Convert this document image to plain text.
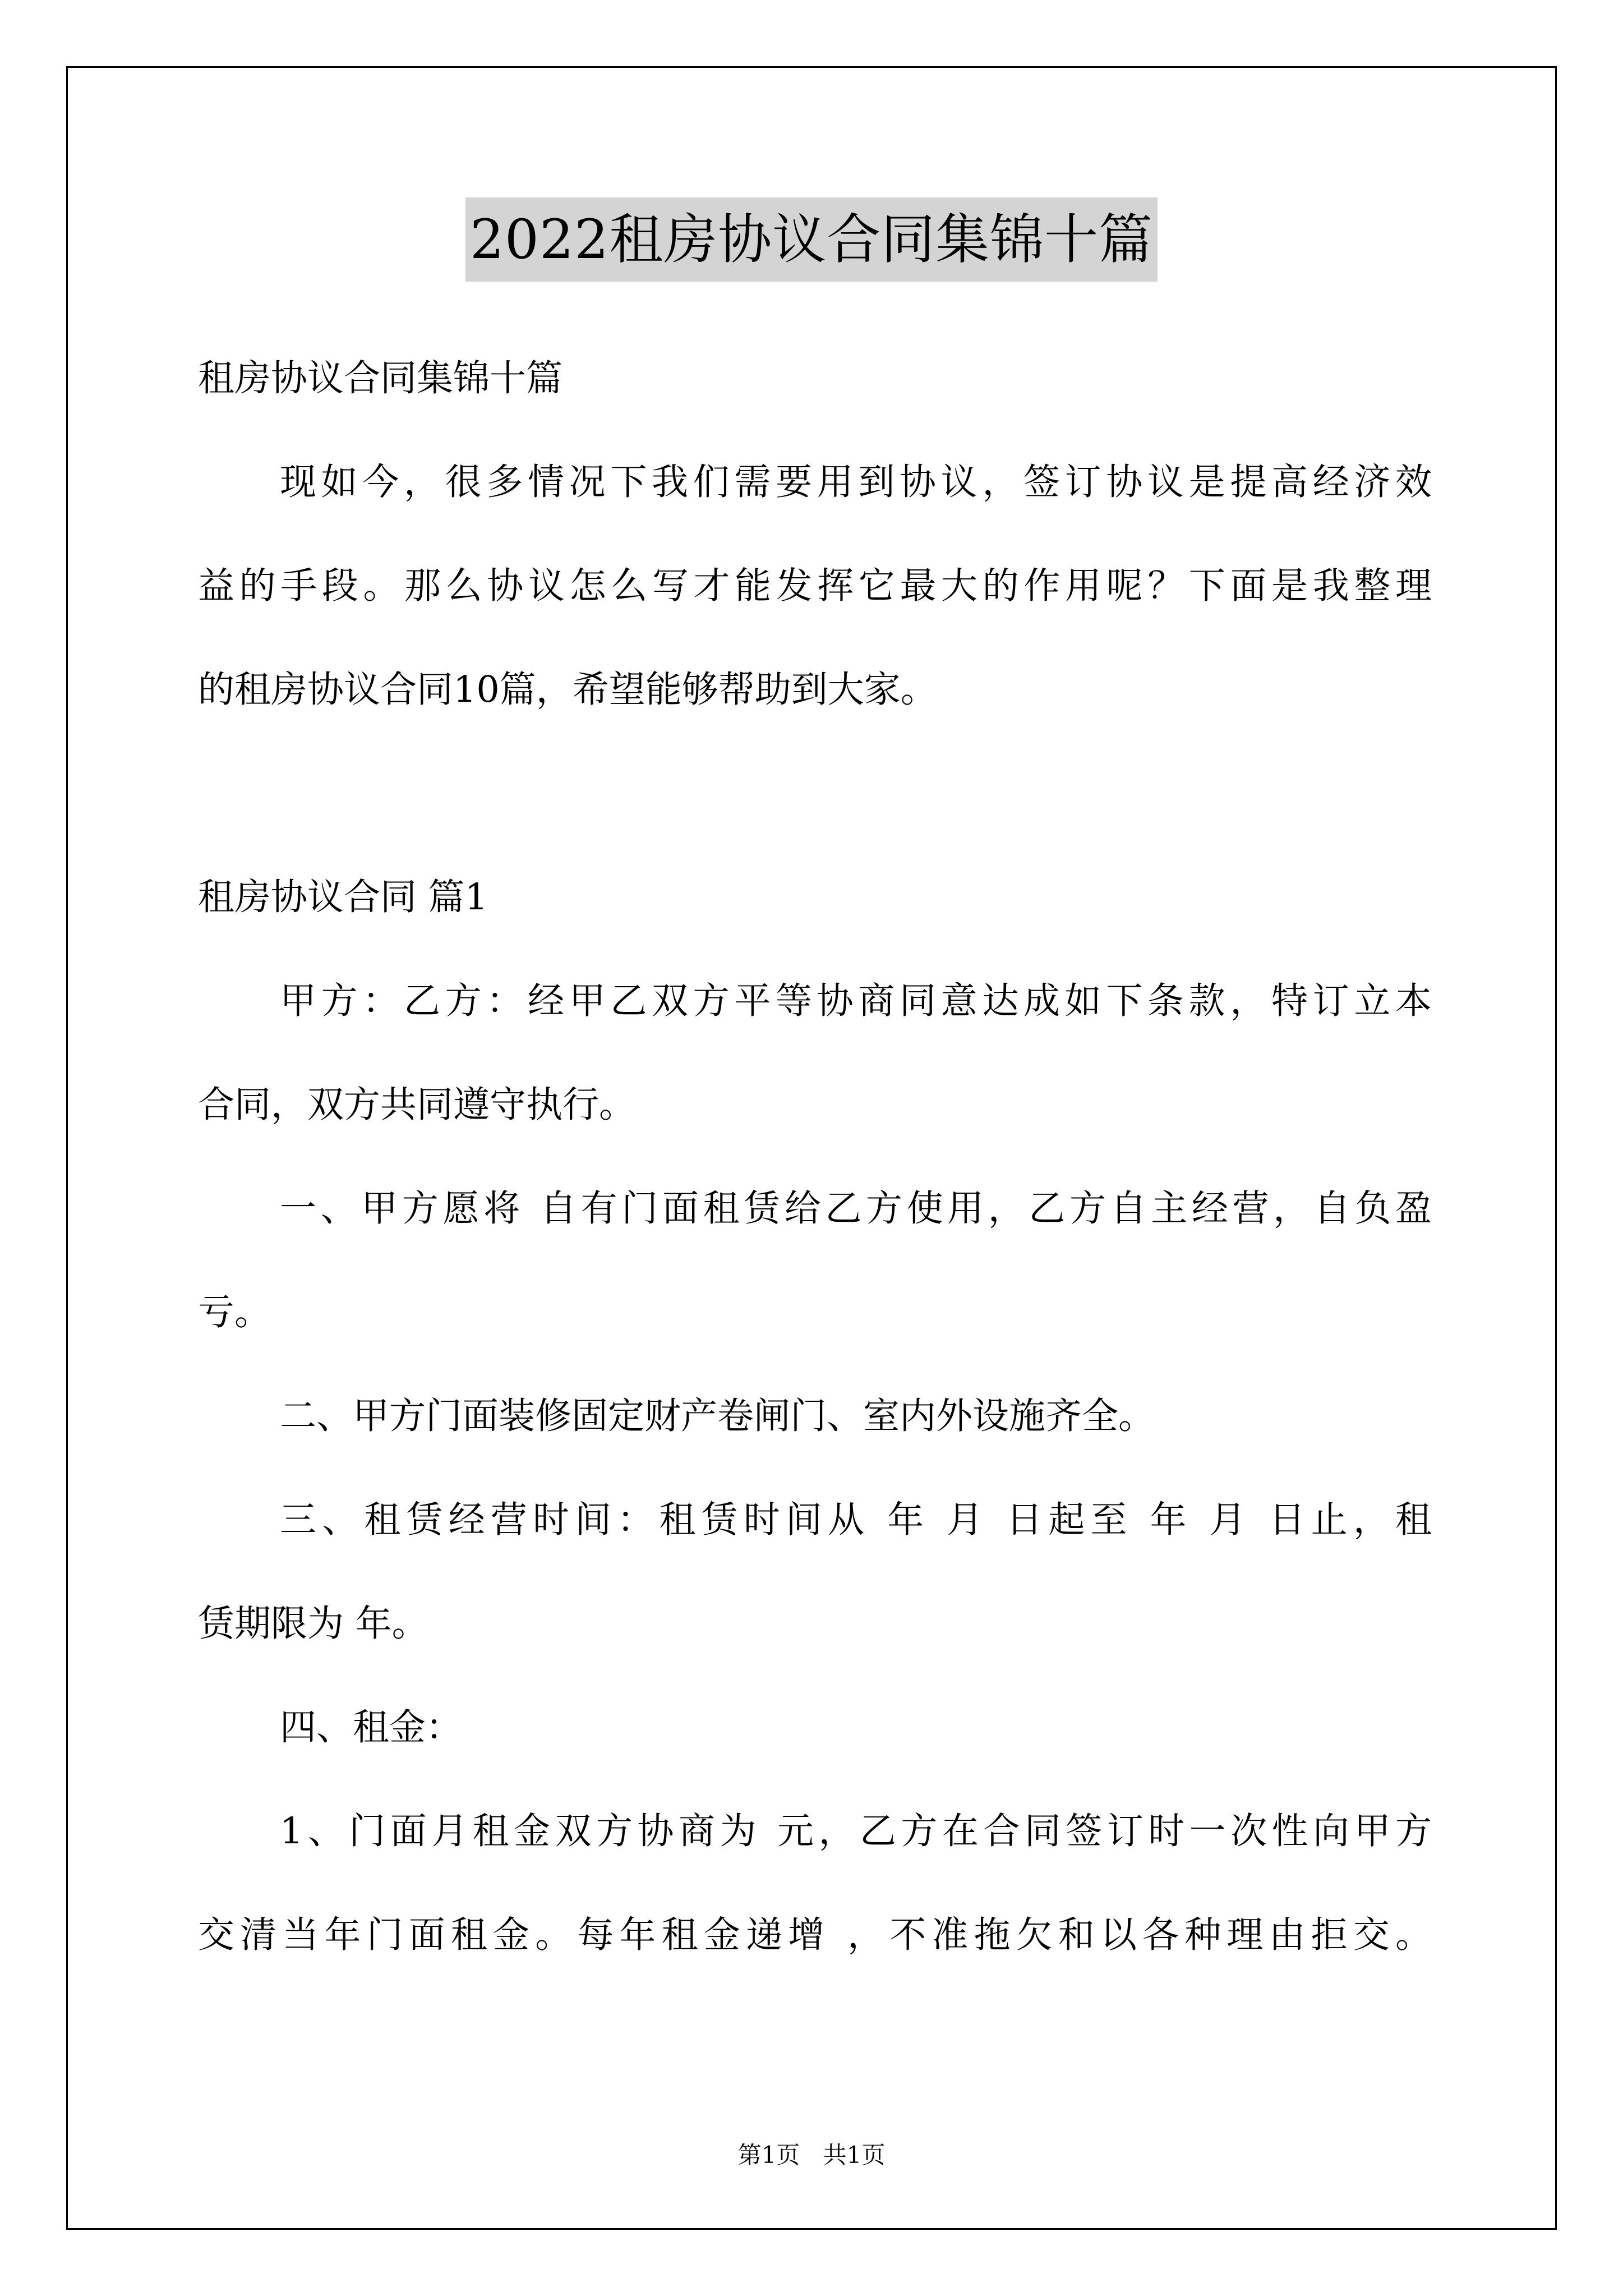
2022租房协议合同集锦十篇

租房协议合同集锦十篇

现如今，很多情况下我们需要用到协议，签订协议是提高经济效

益的手段。那么协议怎么写才能发挥它最大的作用呢？下面是我整理

的租房协议合同10篇，希望能够帮助到大家。

租房协议合同 篇1

甲方：乙方：经甲乙双方平等协商同意达成如下条款，特订立本

合同，双方共同遵守执行。

一、甲方愿将 自有门面租赁给乙方使用，乙方自主经营，自负盈

亏。

二、甲方门面装修固定财产卷闸门、室内外设施齐全。

三、租赁经营时间：租赁时间从 年 月 日起至 年 月 日止，租

赁期限为 年。

四、租金：

1、门面月租金双方协商为 元，乙方在合同签订时一次性向甲方

交清当年门面租金。每年租金递增 ，不准拖欠和以各种理由拒交。

第1页 共1页
